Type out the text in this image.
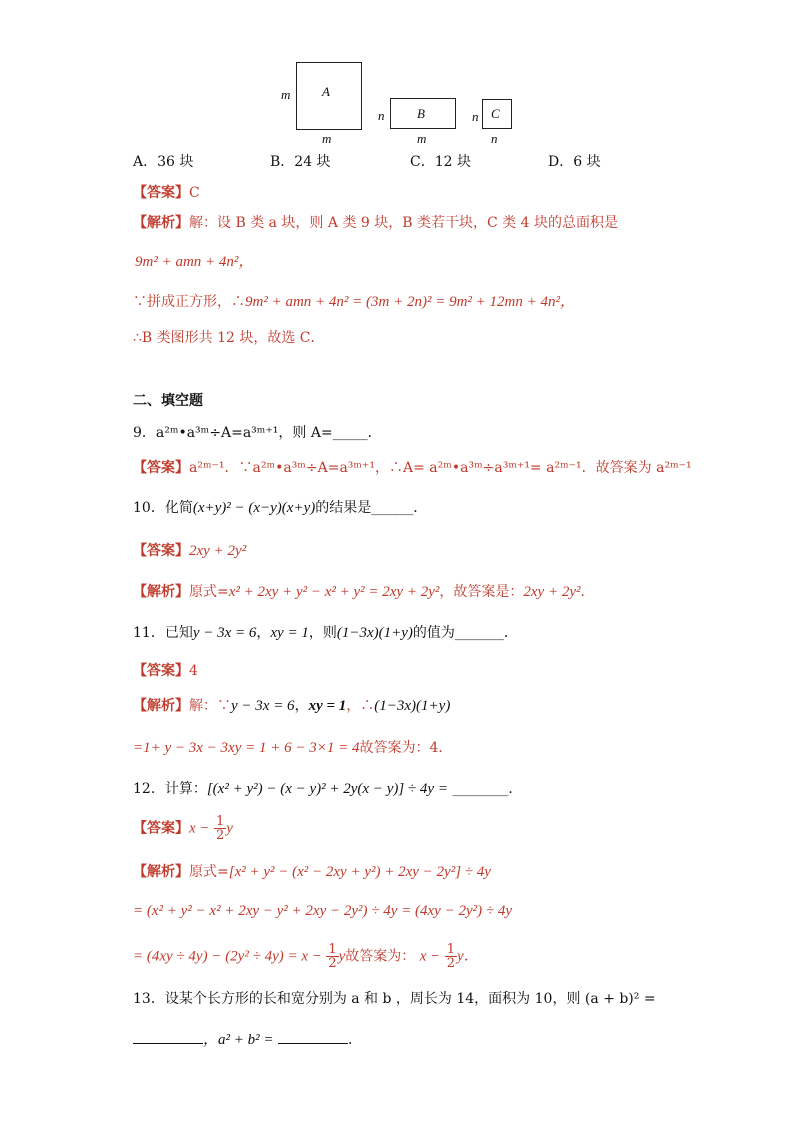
A
m
m
B
n
m
C
n
n
A．36 块	B．24 块	C．12 块	D．6 块
【答案】C
【解析】解：设 B 类 a 块，则 A 类 9 块，B 类若干块，C 类 4 块的总面积是
9m² + amn + 4n²，
∵拼成正方形，∴9m² + amn + 4n² = (3m + 2n)² = 9m² + 12mn + 4n²，
∴B 类图形共 12 块，故选 C．
二、填空题
9．a²ᵐ•a³ᵐ÷A=a³ᵐ⁺¹，则 A=_____．
【答案】a²ᵐ⁻¹．∵a²ᵐ•a³ᵐ÷A=a³ᵐ⁺¹，∴A= a²ᵐ•a³ᵐ÷a³ᵐ⁺¹= a²ᵐ⁻¹．故答案为 a²ᵐ⁻¹
10．化简(x+y)² − (x−y)(x+y)的结果是______．
【答案】2xy + 2y²
【解析】原式=x² + 2xy + y² − x² + y² = 2xy + 2y²，故答案是：2xy + 2y²．
11．已知y − 3x = 6，xy = 1，则(1−3x)(1+y)的值为_______．
【答案】4
【解析】解：∵y − 3x = 6，xy = 1，∴(1−3x)(1+y)
=1+ y − 3x − 3xy = 1 + 6 − 3×1 = 4故答案为：4．
12．计算：[(x² + y²) − (x − y)² + 2y(x − y)] ÷ 4y = ________．
【答案】$x - \frac{1}{2}$ y
【解析】原式=[x² + y² − (x² − 2xy + y²) + 2xy − 2y²] ÷ 4y
= (x² + y² − x² + 2xy − y² + 2xy − 2y²) ÷ 4y = (4xy − 2y²) ÷ 4y
= $(4xy \div 4y) - (2y^2 \div 4y) = x - \frac{1}{2}$ y故答案为： $x - \frac{1}{2}$ y．
13．设某个长方形的长和宽分别为 a 和 b ，周长为 14，面积为 10，则 (a + b)² =
，a² + b² =	．
